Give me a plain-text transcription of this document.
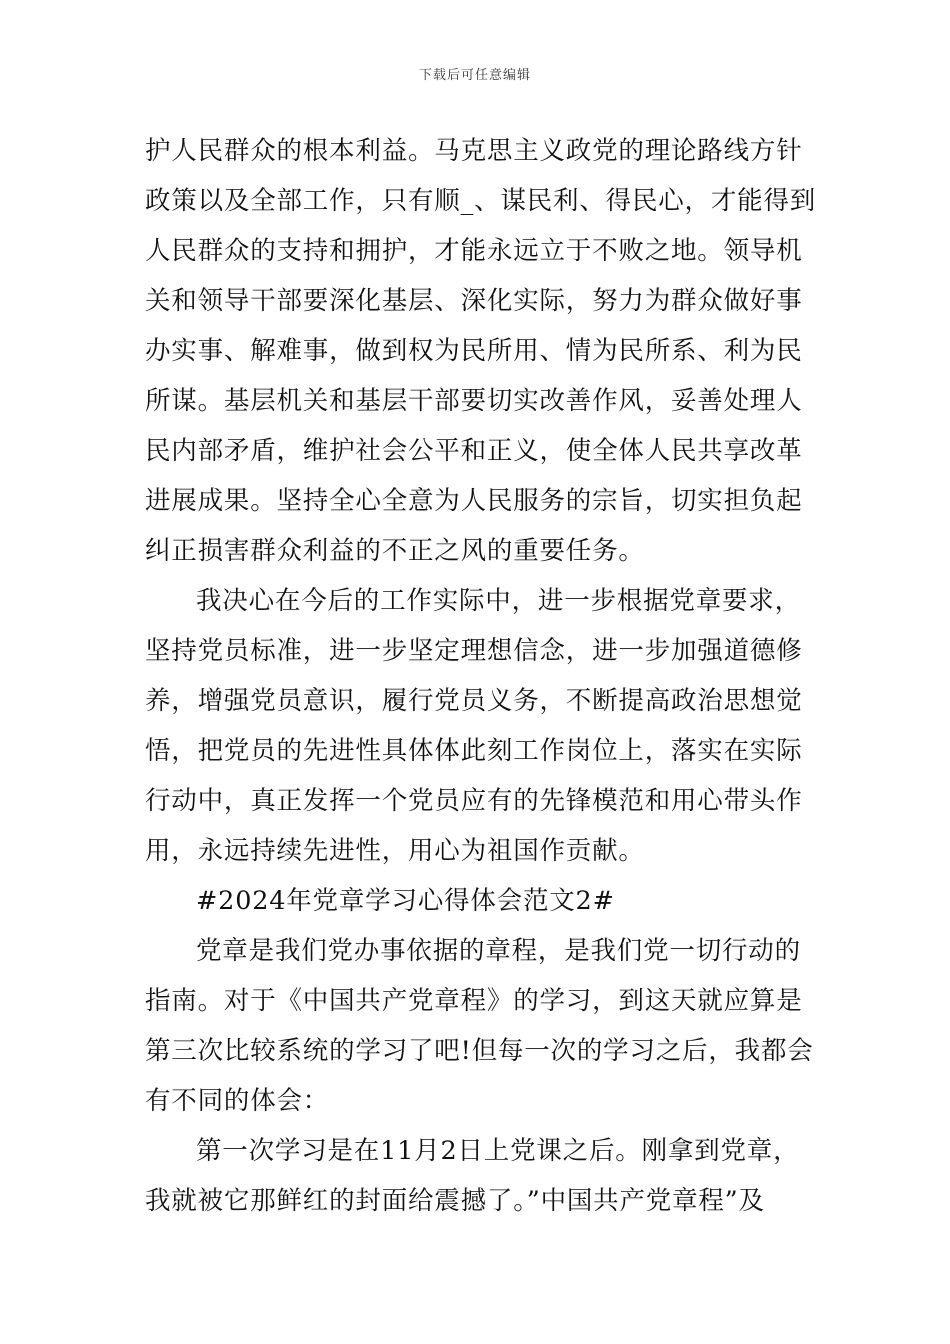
下载后可任意编辑
护人民群众的根本利益。马克思主义政党的理论路线方针
政策以及全部工作，只有顺_、谋民利、得民心，才能得到
人民群众的支持和拥护，才能永远立于不败之地。领导机
关和领导干部要深化基层、深化实际，努力为群众做好事
办实事、解难事，做到权为民所用、情为民所系、利为民
所谋。基层机关和基层干部要切实改善作风，妥善处理人
民内部矛盾，维护社会公平和正义，使全体人民共享改革
进展成果。坚持全心全意为人民服务的宗旨，切实担负起
纠正损害群众利益的不正之风的重要任务。
我决心在今后的工作实际中，进一步根据党章要求，
坚持党员标准，进一步坚定理想信念，进一步加强道德修
养，增强党员意识，履行党员义务，不断提高政治思想觉
悟，把党员的先进性具体体此刻工作岗位上，落实在实际
行动中，真正发挥一个党员应有的先锋模范和用心带头作
用，永远持续先进性，用心为祖国作贡献。
#2024年党章学习心得体会范文2#
党章是我们党办事依据的章程，是我们党一切行动的
指南。对于《中国共产党章程》的学习，到这天就应算是
第三次比较系统的学习了吧!但每一次的学习之后，我都会
有不同的体会：
第一次学习是在11月2日上党课之后。刚拿到党章，
我就被它那鲜红的封面给震撼了。”中国共产党章程”及
